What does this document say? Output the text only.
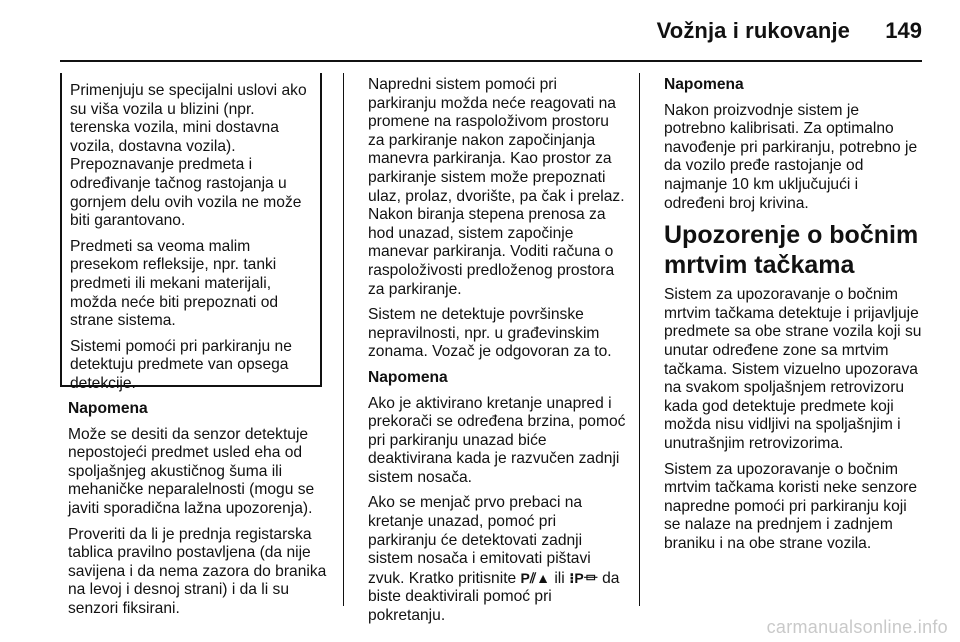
Vožnja i rukovanje	149

Primenjuju se specijalni uslovi ako su viša vozila u blizini (npr. terenska vozila, mini dostavna vozila, dostavna vozila). Prepoznavanje predmeta i određivanje tačnog rastojanja u gornjem delu ovih vozila ne može biti garantovano.

Predmeti sa veoma malim presekom refleksije, npr. tanki predmeti ili mekani materijali, možda neće biti prepoznati od strane sistema.

Sistemi pomoći pri parkiranju ne detektuju predmete van opsega detekcije.

Napomena

Može se desiti da senzor detektuje nepostojeći predmet usled eha od spoljašnjeg akustičnog šuma ili mehaničke neparalelnosti (mogu se javiti sporadična lažna upozorenja).

Proveriti da li je prednja registarska tablica pravilno postavljena (da nije savijena i da nema zazora do branika na levoj i desnoj strani) i da li su senzori fiksirani.

Napredni sistem pomoći pri parkiranju možda neće reagovati na promene na raspoloživom prostoru za parkiranje nakon započinjanja manevra parkiranja. Kao prostor za parkiranje sistem može prepoznati ulaz, prolaz, dvorište, pa čak i prelaz. Nakon biranja stepena prenosa za hod unazad, sistem započinje manevar parkiranja. Voditi računa o raspoloživosti predloženog prostora za parkiranje.

Sistem ne detektuje površinske nepravilnosti, npr. u građevinskim zonama. Vozač je odgovoran za to.

Napomena

Ako je aktivirano kretanje unapred i prekorači se određena brzina, pomoć pri parkiranju unazad biće deaktivirana kada je razvučen zadnji sistem nosača.

Ako se menjač prvo prebaci na kretanje unazad, pomoć pri parkiranju će detektovati zadnji sistem nosača i emitovati pištavi zvuk. Kratko pritisnite P⫽▲ ili ⁝P⏛ da biste deaktivirali pomoć pri pokretanju.

Napomena

Nakon proizvodnje sistem je potrebno kalibrisati. Za optimalno navođenje pri parkiranju, potrebno je da vozilo pređe rastojanje od najmanje 10 km uključujući i određeni broj krivina.

Upozorenje o bočnim mrtvim tačkama

Sistem za upozoravanje o bočnim mrtvim tačkama detektuje i prijavljuje predmete sa obe strane vozila koji su unutar određene zone sa mrtvim tačkama. Sistem vizuelno upozorava na svakom spoljašnjem retrovizoru kada god detektuje predmete koji možda nisu vidljivi na spoljašnjim i unutrašnjim retrovizorima.

Sistem za upozoravanje o bočnim mrtvim tačkama koristi neke senzore napredne pomoći pri parkiranju koji se nalaze na prednjem i zadnjem braniku i na obe strane vozila.

carmanualsonline.info
